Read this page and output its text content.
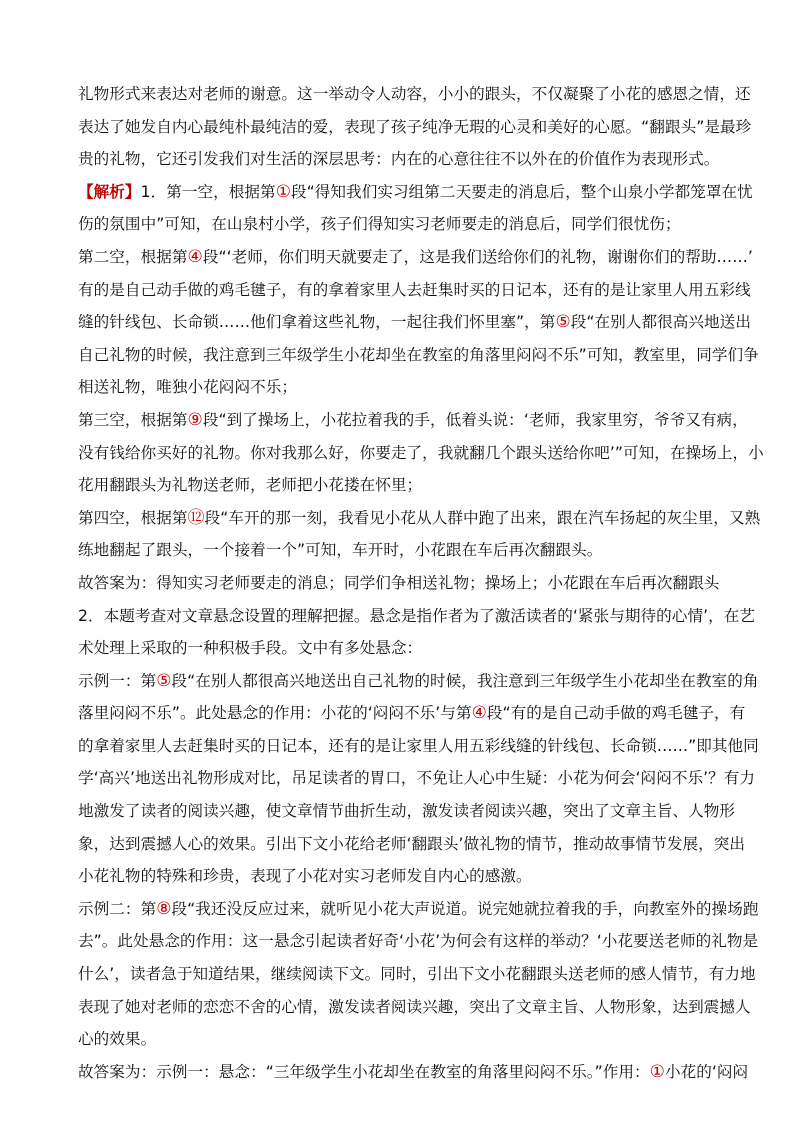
礼物形式来表达对老师的谢意。这一举动令人动容，小小的跟头，不仅凝聚了小花的感恩之情，还
表达了她发自内心最纯朴最纯洁的爱，表现了孩子纯净无瑕的心灵和美好的心愿。“翻跟头”是最珍
贵的礼物，它还引发我们对生活的深层思考：内在的心意往往不以外在的价值作为表现形式。
【解析】1．第一空，根据第①段“得知我们实习组第二天要走的消息后，整个山泉小学都笼罩在忧
伤的氛围中”可知，在山泉村小学，孩子们得知实习老师要走的消息后，同学们很忧伤；
第二空，根据第④段“‘老师，你们明天就要走了，这是我们送给你们的礼物，谢谢你们的帮助……’
有的是自己动手做的鸡毛毽子，有的拿着家里人去赶集时买的日记本，还有的是让家里人用五彩线
缝的针线包、长命锁……他们拿着这些礼物，一起往我们怀里塞”，第⑤段“在别人都很高兴地送出
自己礼物的时候，我注意到三年级学生小花却坐在教室的角落里闷闷不乐”可知，教室里，同学们争
相送礼物，唯独小花闷闷不乐；
第三空，根据第⑨段“到了操场上，小花拉着我的手，低着头说：‘老师，我家里穷，爷爷又有病，
没有钱给你买好的礼物。你对我那么好，你要走了，我就翻几个跟头送给你吧’”可知，在操场上，小
花用翻跟头为礼物送老师，老师把小花搂在怀里；
第四空，根据第⑫段“车开的那一刻，我看见小花从人群中跑了出来，跟在汽车扬起的灰尘里，又熟
练地翻起了跟头，一个接着一个”可知，车开时，小花跟在车后再次翻跟头。
故答案为：得知实习老师要走的消息；同学们争相送礼物；操场上；小花跟在车后再次翻跟头
2．本题考查对文章悬念设置的理解把握。悬念是指作者为了激活读者的‘紧张与期待的心情’，在艺
术处理上采取的一种积极手段。文中有多处悬念：
示例一：第⑤段“在别人都很高兴地送出自己礼物的时候，我注意到三年级学生小花却坐在教室的角
落里闷闷不乐”。此处悬念的作用：小花的‘闷闷不乐’与第④段“有的是自己动手做的鸡毛毽子，有
的拿着家里人去赶集时买的日记本，还有的是让家里人用五彩线缝的针线包、长命锁……”即其他同
学‘高兴’地送出礼物形成对比，吊足读者的胃口，不免让人心中生疑：小花为何会‘闷闷不乐’？有力
地激发了读者的阅读兴趣，使文章情节曲折生动，激发读者阅读兴趣，突出了文章主旨、人物形
象，达到震撼人心的效果。引出下文小花给老师‘翻跟头’做礼物的情节，推动故事情节发展，突出
小花礼物的特殊和珍贵，表现了小花对实习老师发自内心的感激。
示例二：第⑧段“我还没反应过来，就听见小花大声说道。说完她就拉着我的手，向教室外的操场跑
去”。此处悬念的作用：这一悬念引起读者好奇‘小花’为何会有这样的举动？‘小花要送老师的礼物是
什么’，读者急于知道结果，继续阅读下文。同时，引出下文小花翻跟头送老师的感人情节，有力地
表现了她对老师的恋恋不舍的心情，激发读者阅读兴趣，突出了文章主旨、人物形象，达到震撼人
心的效果。
故答案为：示例一：悬念：“三年级学生小花却坐在教室的角落里闷闷不乐。”作用：①小花的‘闷闷
